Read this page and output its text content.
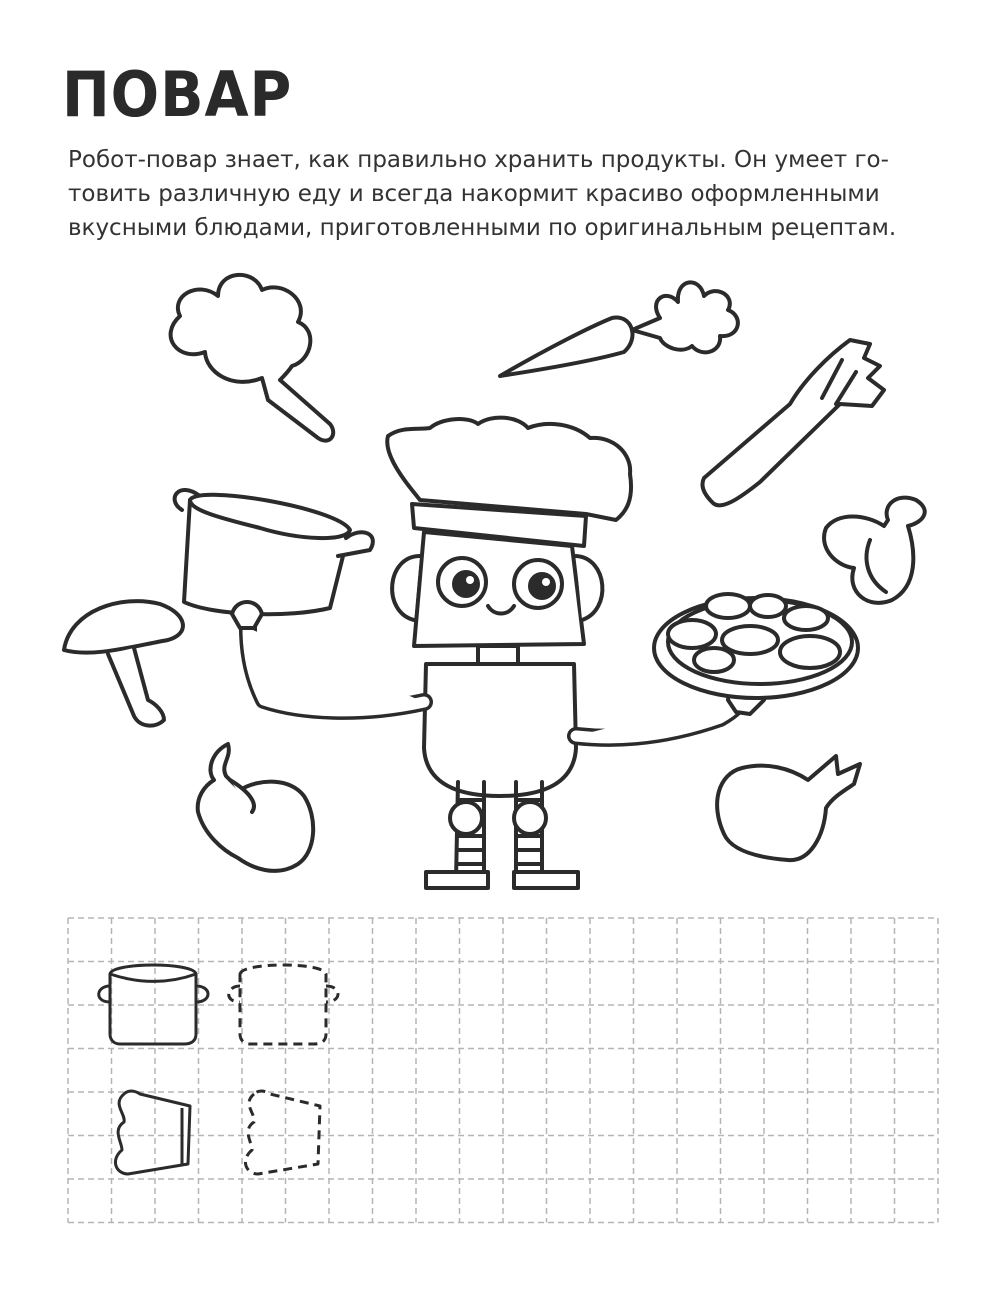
ПОВАР

Робот-повар знает, как правильно хранить продукты. Он умеет го-
товить различную еду и всегда накормит красиво оформленными
вкусными блюдами, приготовленными по оригинальным рецептам.
